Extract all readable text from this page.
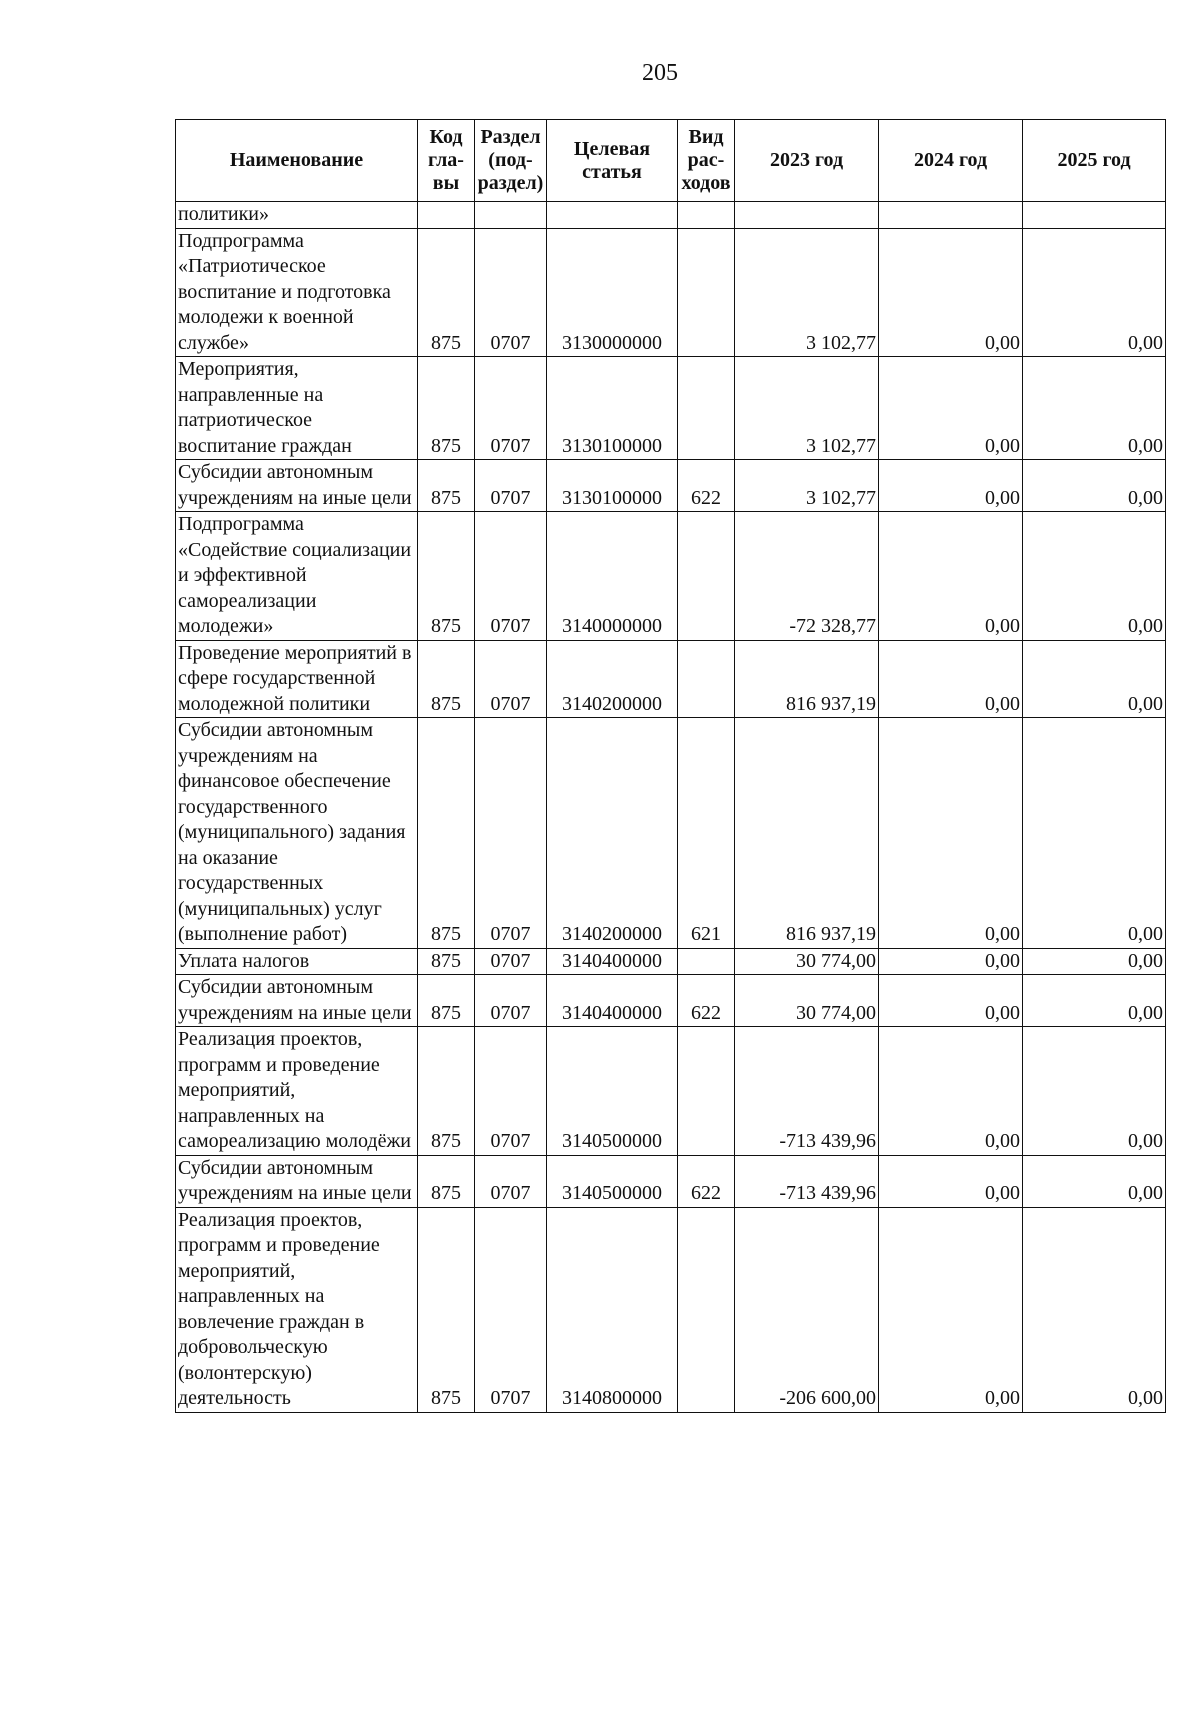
205
Наименование	Код гла-вы	Раздел (под-раздел)	Целевая статья	Вид рас-ходов	2023 год	2024 год	2025 год
политики»							
Подпрограмма «Патриотическое воспитание и подготовка молодежи к военной службе»	875	0707	3130000000		3 102,77	0,00	0,00
Мероприятия, направленные на патриотическое воспитание граждан	875	0707	3130100000		3 102,77	0,00	0,00
Субсидии автономным учреждениям на иные цели	875	0707	3130100000	622	3 102,77	0,00	0,00
Подпрограмма «Содействие социализации и эффективной самореализации молодежи»	875	0707	3140000000		-72 328,77	0,00	0,00
Проведение мероприятий в сфере государственной молодежной политики	875	0707	3140200000		816 937,19	0,00	0,00
Субсидии автономным учреждениям на финансовое обеспечение государственного (муниципального) задания на оказание государственных (муниципальных) услуг (выполнение работ)	875	0707	3140200000	621	816 937,19	0,00	0,00
Уплата налогов	875	0707	3140400000		30 774,00	0,00	0,00
Субсидии автономным учреждениям на иные цели	875	0707	3140400000	622	30 774,00	0,00	0,00
Реализация проектов, программ и проведение мероприятий, направленных на самореализацию молодёжи	875	0707	3140500000		-713 439,96	0,00	0,00
Субсидии автономным учреждениям на иные цели	875	0707	3140500000	622	-713 439,96	0,00	0,00
Реализация проектов, программ и проведение мероприятий, направленных на вовлечение граждан в добровольческую (волонтерскую) деятельность	875	0707	3140800000		-206 600,00	0,00	0,00
